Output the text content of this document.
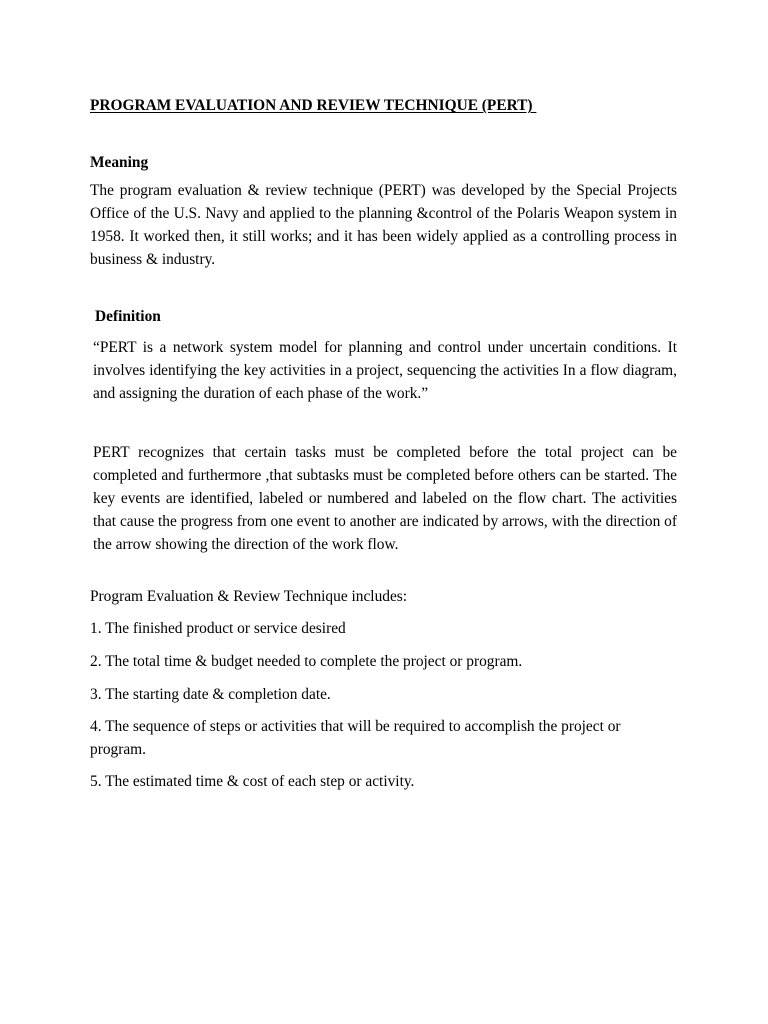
PROGRAM EVALUATION AND REVIEW TECHNIQUE (PERT)

Meaning

The program evaluation & review technique (PERT) was developed by the Special Projects Office of the U.S. Navy and applied to the planning &control of the Polaris Weapon system in 1958. It worked then, it still works; and it has been widely applied as a controlling process in business & industry.

Definition

“PERT is a network system model for planning and control under uncertain conditions. It involves identifying the key activities in a project, sequencing the activities In a flow diagram, and assigning the duration of each phase of the work.”

PERT recognizes that certain tasks must be completed before the total project can be completed and furthermore ,that subtasks must be completed before others can be started. The key events are identified, labeled or numbered and labeled on the flow chart. The activities that cause the progress from one event to another are indicated by arrows, with the direction of the arrow showing the direction of the work flow.

Program Evaluation & Review Technique includes:

1. The finished product or service desired

2. The total time & budget needed to complete the project or program.

3. The starting date & completion date.

4. The sequence of steps or activities that will be required to accomplish the project or program.

5. The estimated time & cost of each step or activity.
